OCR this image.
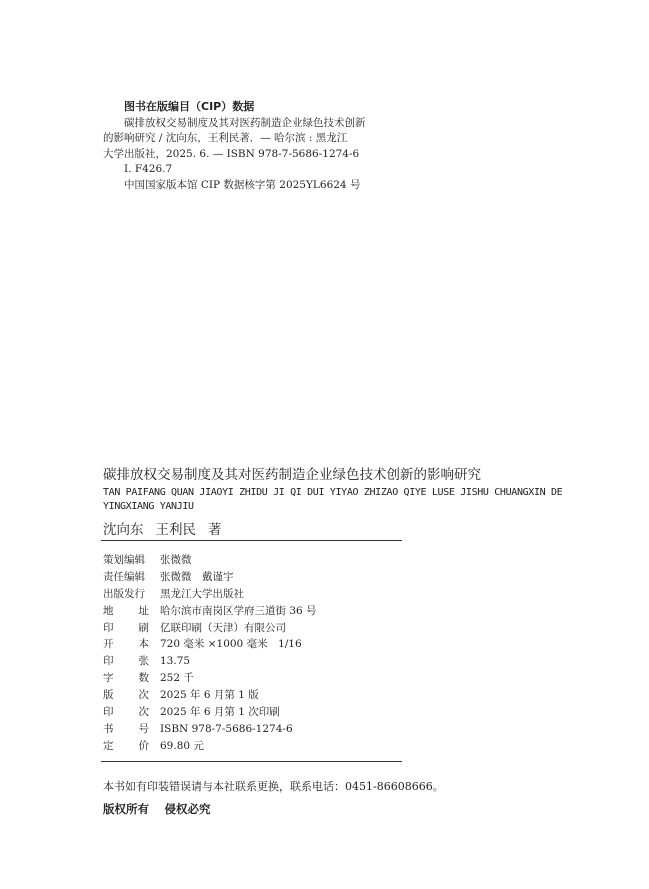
图书在版编目（CIP）数据
碳排放权交易制度及其对医药制造企业绿色技术创新
的影响研究 / 沈向东，王利民著．— 哈尔滨 : 黑龙江
大学出版社，2025. 6. — ISBN 978-7-5686-1274-6
Ⅰ. F426.7
中国国家版本馆 CIP 数据核字第 2025YL6624 号
碳排放权交易制度及其对医药制造企业绿色技术创新的影响研究
TAN PAIFANG QUAN JIAOYI ZHIDU JI QI DUI YIYAO ZHIZAO QIYE LUSE JISHU CHUANGXIN DE YINGXIANG YANJIU
沈向东 王利民 著
策划编辑 张微微
责任编辑 张微微　戴谨宇
出版发行 黑龙江大学出版社
地 址 哈尔滨市南岗区学府三道街 36 号
印 刷 亿联印刷（天津）有限公司
开 本 720 毫米 ×1000 毫米　1/16
印 张 13.75
字 数 252 千
版 次 2025 年 6 月第 1 版
印 次 2025 年 6 月第 1 次印刷
书 号 ISBN 978-7-5686-1274-6
定 价 69.80 元
本书如有印装错误请与本社联系更换，联系电话：0451-86608666。
版权所有　 侵权必究
